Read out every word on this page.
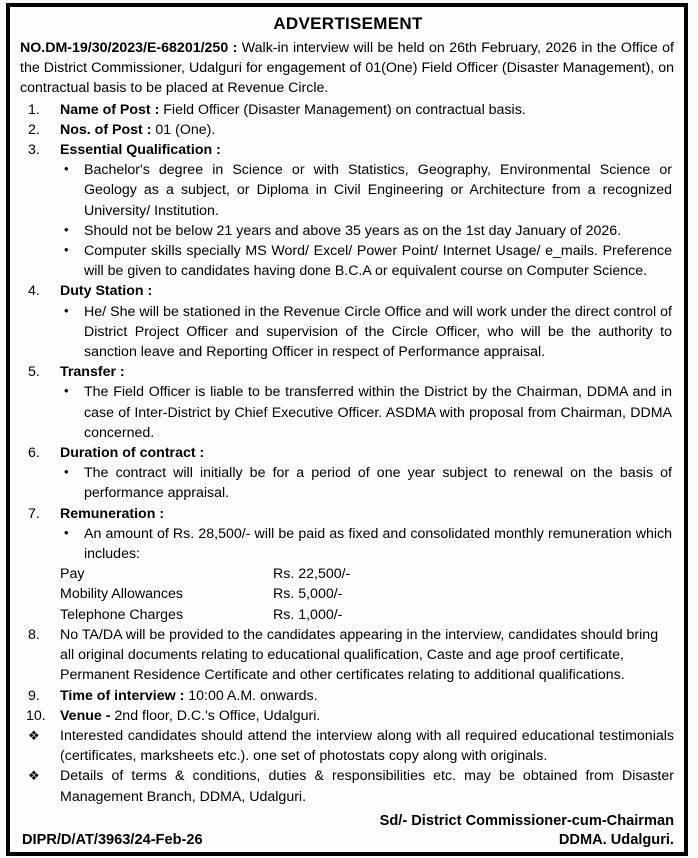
ADVERTISEMENT

NO.DM-19/30/2023/E-68201/250 : Walk-in interview will be held on 26th February, 2026 in the Office of the District Commissioner, Udalguri for engagement of 01(One) Field Officer (Disaster Management), on contractual basis to be placed at Revenue Circle.

1.	Name of Post : Field Officer (Disaster Management) on contractual basis.
2.	Nos. of Post : 01 (One).
3.	Essential Qualification :
• Bachelor's degree in Science or with Statistics, Geography, Environmental Science or Geology as a subject, or Diploma in Civil Engineering or Architecture from a recognized University/ Institution.
• Should not be below 21 years and above 35 years as on the 1st day January of 2026.
• Computer skills specially MS Word/ Excel/ Power Point/ Internet Usage/ e_mails. Preference will be given to candidates having done B.C.A or equivalent course on Computer Science.
4.	Duty Station :
• He/ She will be stationed in the Revenue Circle Office and will work under the direct control of District Project Officer and supervision of the Circle Officer, who will be the authority to sanction leave and Reporting Officer in respect of Performance appraisal.
5.	Transfer :
• The Field Officer is liable to be transferred within the District by the Chairman, DDMA and in case of Inter-District by Chief Executive Officer. ASDMA with proposal from Chairman, DDMA concerned.
6.	Duration of contract :
• The contract will initially be for a period of one year subject to renewal on the basis of performance appraisal.
7.	Remuneration :
• An amount of Rs. 28,500/- will be paid as fixed and consolidated monthly remuneration which includes:
Pay	Rs. 22,500/-
Mobility Allowances	Rs. 5,000/-
Telephone Charges	Rs. 1,000/-
8.	No TA/DA will be provided to the candidates appearing in the interview, candidates should bring all original documents relating to educational qualification, Caste and age proof certificate, Permanent Residence Certificate and other certificates relating to additional qualifications.
9.	Time of interview : 10:00 A.M. onwards.
10.	Venue - 2nd floor, D.C.'s Office, Udalguri.
❖ Interested candidates should attend the interview along with all required educational testimonials (certificates, marksheets etc.). one set of photostats copy along with originals.
❖ Details of terms & conditions, duties & responsibilities etc. may be obtained from Disaster Management Branch, DDMA, Udalguri.
Sd/- District Commissioner-cum-Chairman
DIPR/D/AT/3963/24-Feb-26	DDMA. Udalguri.
